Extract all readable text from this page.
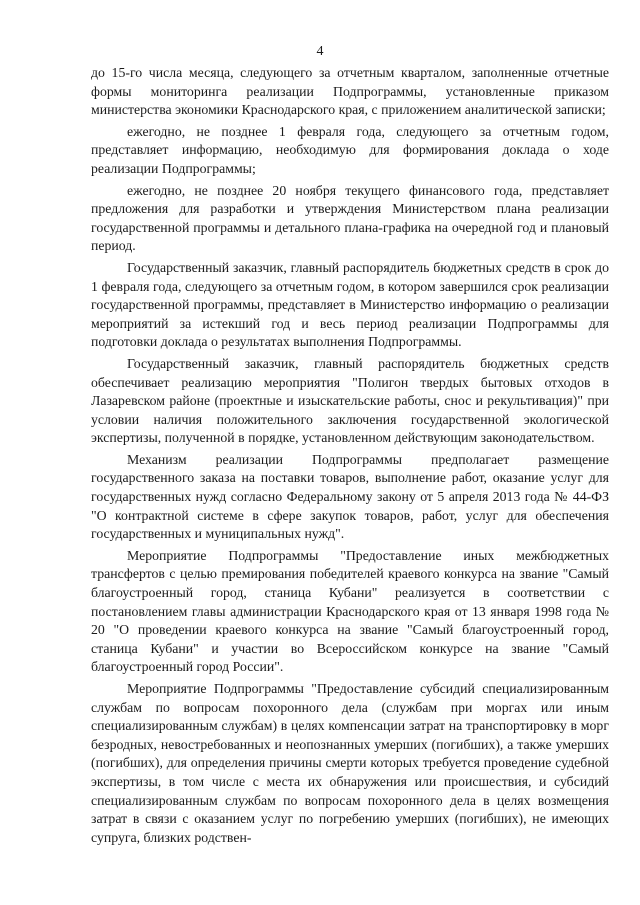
4

до 15-го числа месяца, следующего за отчетным кварталом, заполненные отчетные формы мониторинга реализации Подпрограммы, установленные приказом министерства экономики Краснодарского края, с приложением аналитической записки;

ежегодно, не позднее 1 февраля года, следующего за отчетным годом, представляет информацию, необходимую для формирования доклада о ходе реализации Подпрограммы;

ежегодно, не позднее 20 ноября текущего финансового года, представляет предложения для разработки и утверждения Министерством плана реализации государственной программы и детального плана-графика на очередной год и плановый период.

Государственный заказчик, главный распорядитель бюджетных средств в срок до 1 февраля года, следующего за отчетным годом, в котором завершился срок реализации государственной программы, представляет в Министерство информацию о реализации мероприятий за истекший год и весь период реализации Подпрограммы для подготовки доклада о результатах выполнения Подпрограммы.

Государственный заказчик, главный распорядитель бюджетных средств обеспечивает реализацию мероприятия "Полигон твердых бытовых отходов в Лазаревском районе (проектные и изыскательские работы, снос и рекультивация)" при условии наличия положительного заключения государственной экологической экспертизы, полученной в порядке, установленном действующим законодательством.

Механизм реализации Подпрограммы предполагает размещение государственного заказа на поставки товаров, выполнение работ, оказание услуг для государственных нужд согласно Федеральному закону от 5 апреля 2013 года № 44-ФЗ "О контрактной системе в сфере закупок товаров, работ, услуг для обеспечения государственных и муниципальных нужд".

Мероприятие Подпрограммы "Предоставление иных межбюджетных трансфертов с целью премирования победителей краевого конкурса на звание "Самый благоустроенный город, станица Кубани" реализуется в соответствии с постановлением главы администрации Краснодарского края от 13 января 1998 года № 20 "О проведении краевого конкурса на звание "Самый благоустроенный город, станица Кубани" и участии во Всероссийском конкурсе на звание "Самый благоустроенный город России".

Мероприятие Подпрограммы "Предоставление субсидий специализированным службам по вопросам похоронного дела (службам при моргах или иным специализированным службам) в целях компенсации затрат на транспортировку в морг безродных, невостребованных и неопознанных умерших (погибших), а также умерших (погибших), для определения причины смерти которых требуется проведение судебной экспертизы, в том числе с места их обнаружения или происшествия, и субсидий специализированным службам по вопросам похоронного дела в целях возмещения затрат в связи с оказанием услуг по погребению умерших (погибших), не имеющих супруга, близких родствен-
